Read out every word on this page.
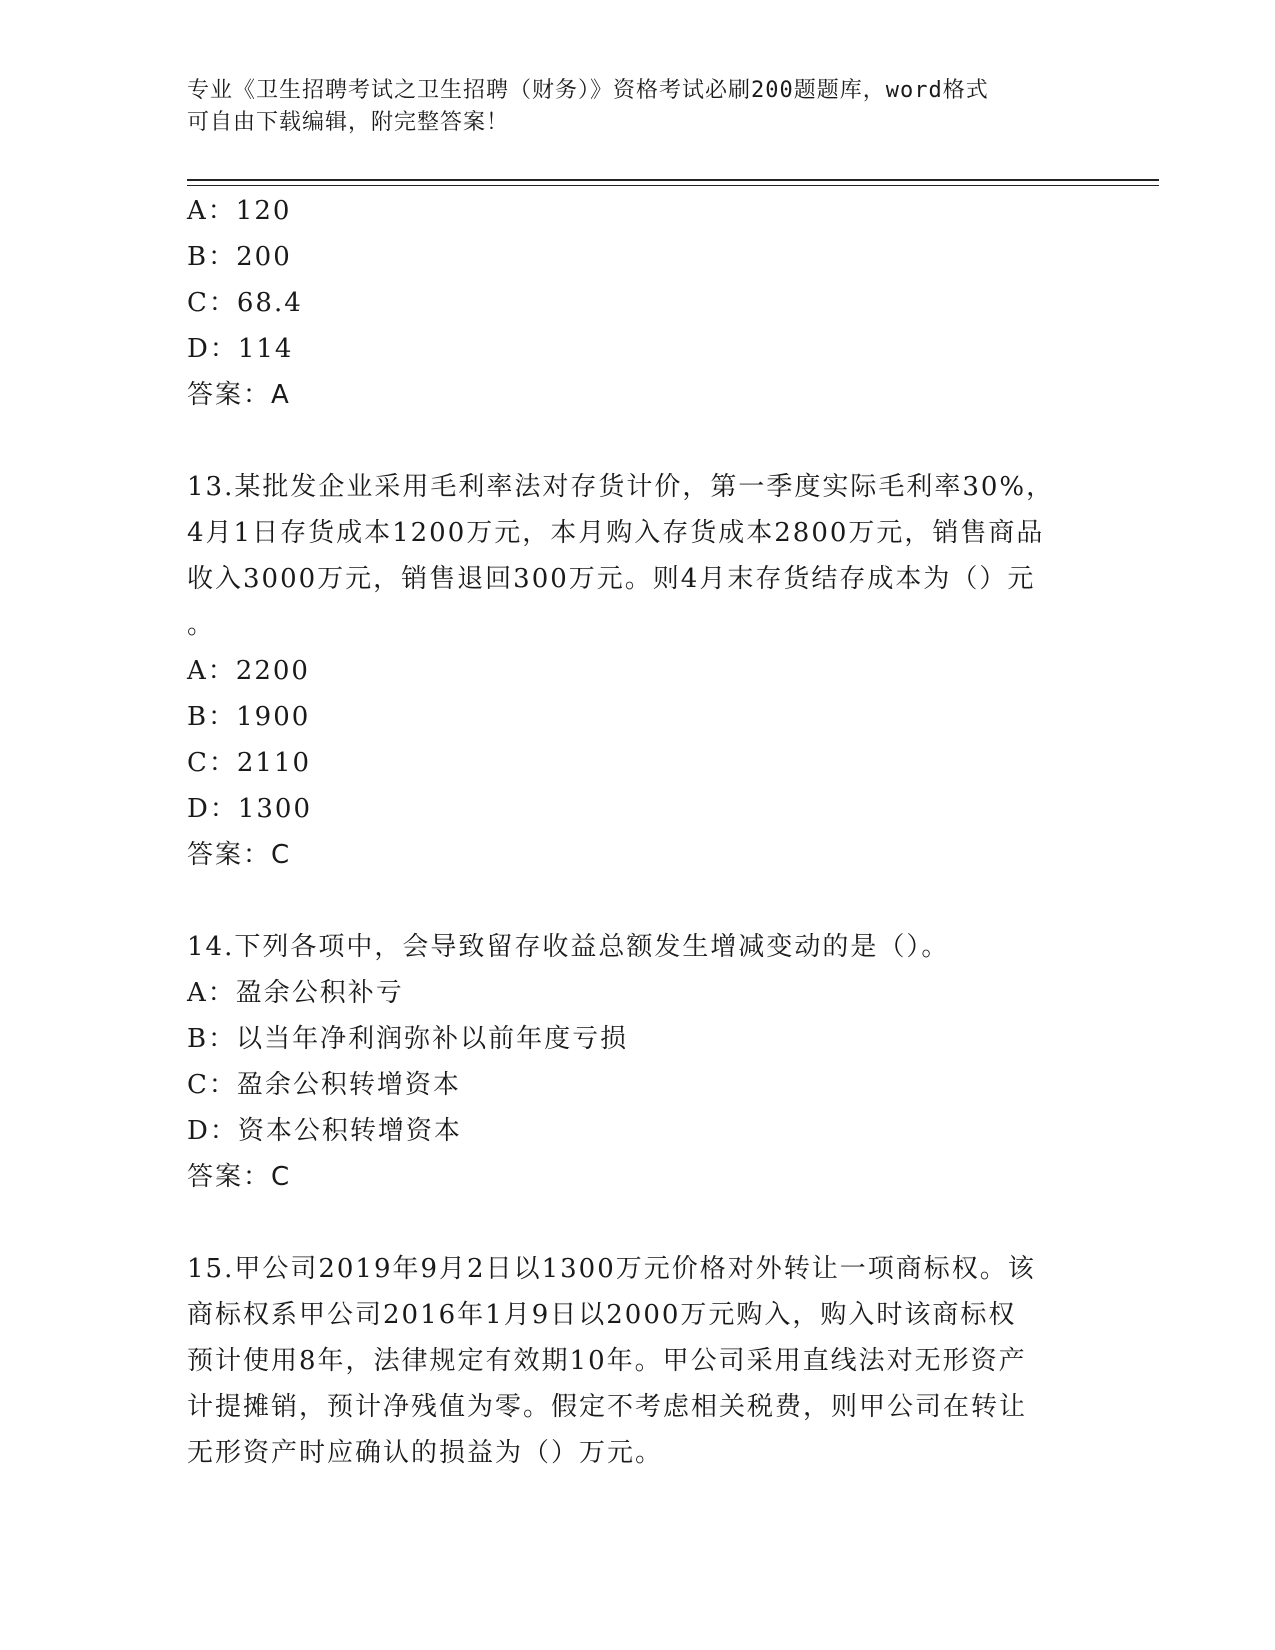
专业《卫生招聘考试之卫生招聘（财务）》资格考试必刷200题题库，word格式
可自由下载编辑，附完整答案！
A：120
B：200
C：68.4
D：114
答案：A
13.某批发企业采用毛利率法对存货计价，第一季度实际毛利率30%，
4月1日存货成本1200万元，本月购入存货成本2800万元，销售商品
收入3000万元，销售退回300万元。则4月末存货结存成本为（）元
。
A：2200
B：1900
C：2110
D：1300
答案：C
14.下列各项中，会导致留存收益总额发生增减变动的是（）。
A：盈余公积补亏
B：以当年净利润弥补以前年度亏损
C：盈余公积转增资本
D：资本公积转增资本
答案：C
15.甲公司2019年9月2日以1300万元价格对外转让一项商标权。该
商标权系甲公司2016年1月9日以2000万元购入，购入时该商标权
预计使用8年，法律规定有效期10年。甲公司采用直线法对无形资产
计提摊销，预计净残值为零。假定不考虑相关税费，则甲公司在转让
无形资产时应确认的损益为（）万元。
